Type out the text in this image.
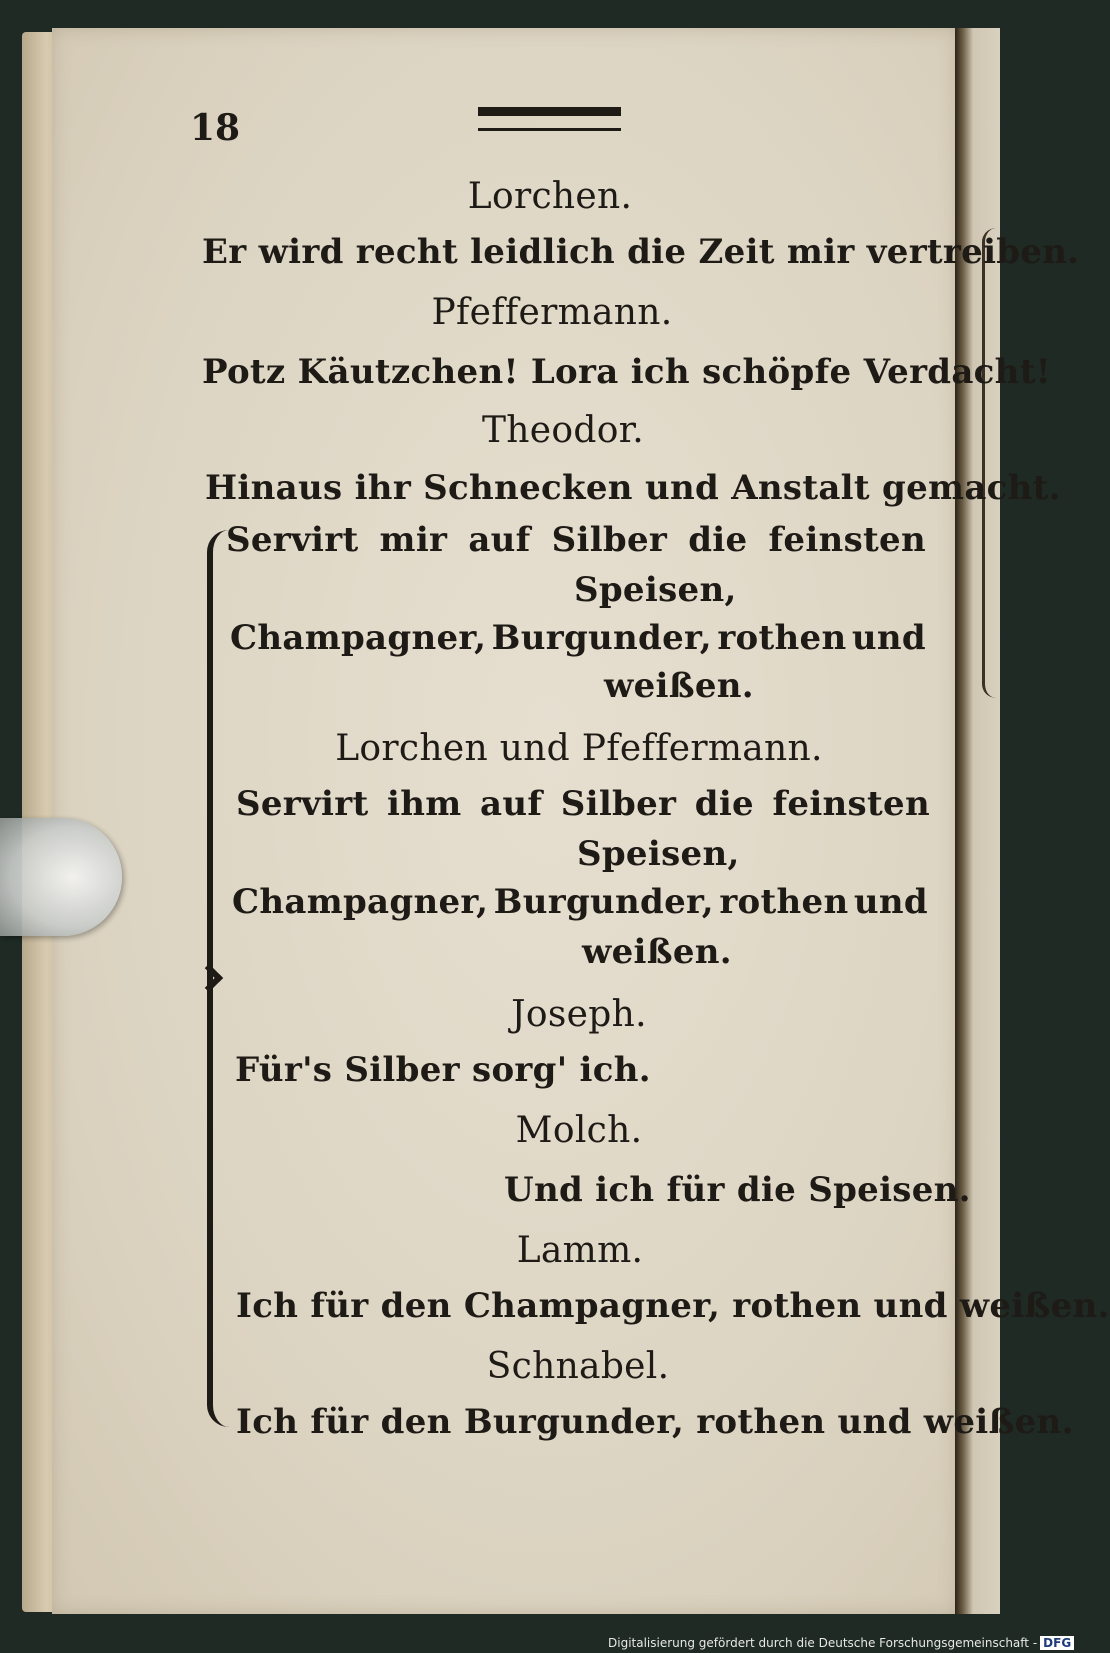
18
Lorchen.
Er wird recht leidlich die Zeit mir vertreiben.
Pfeffermann.
Potz Käutzchen! Lora ich schöpfe Verdacht!
Theodor.
Hinaus ihr Schnecken und Anstalt gemacht.
Servirt mir auf Silber die feinsten
Speisen,
Champagner, Burgunder, rothen und
weißen.
Lorchen und Pfeffermann.
Servirt ihm auf Silber die feinsten
Speisen,
Champagner, Burgunder, rothen und
weißen.
Joseph.
Für's Silber sorg' ich.
Molch.
Und ich für die Speisen.
Lamm.
Ich für den Champagner, rothen und weißen.
Schnabel.
Ich für den Burgunder, rothen und weißen.
Digitalisierung gefördert durch die Deutsche Forschungsgemeinschaft - DFG
